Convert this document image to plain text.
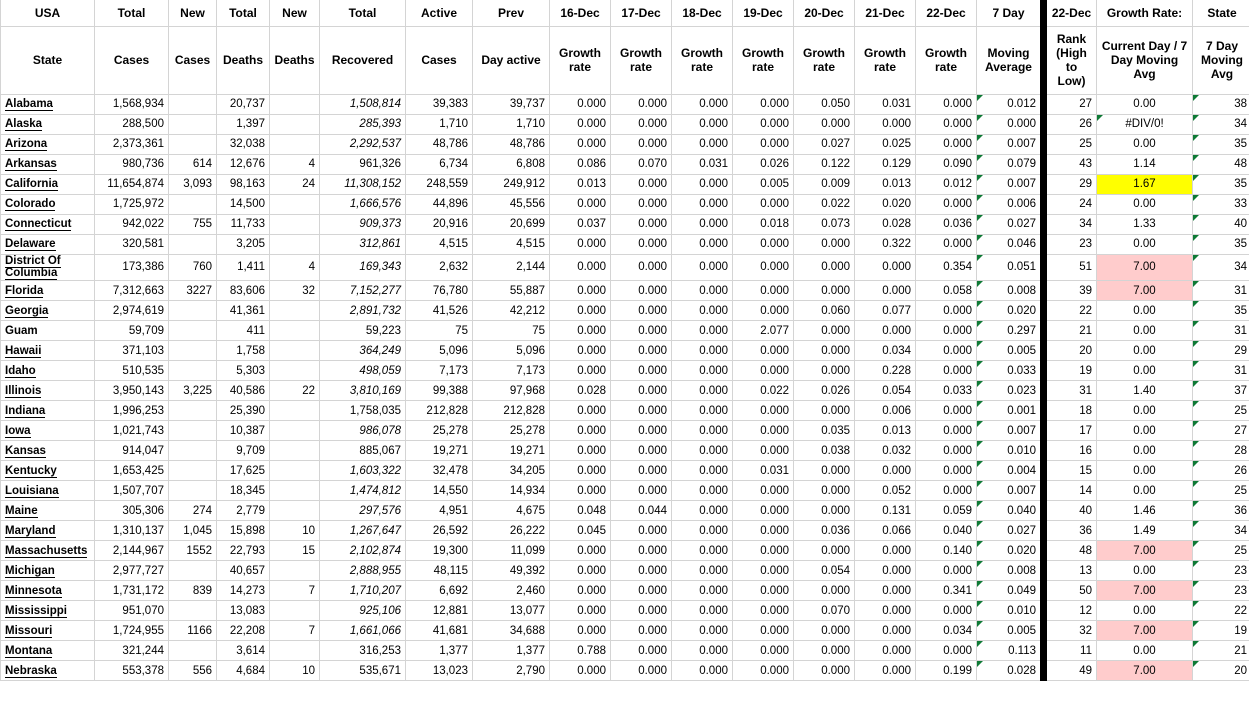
USA	Total	New	Total	New	Total	Active	Prev	16-Dec	17-Dec	18-Dec	19-Dec	20-Dec	21-Dec	22-Dec	7 Day	22-Dec	Growth Rate:	State
State	Cases	Cases	Deaths	Deaths	Recovered	Cases	Day active	Growth rate	Growth rate	Growth rate	Growth rate	Growth rate	Growth rate	Growth rate	Moving Average	Rank (High to Low)	Current Day / 7 Day Moving Avg	7 Day Moving Avg
Alabama	1,568,934		20,737		1,508,814	39,383	39,737	0.000	0.000	0.000	0.000	0.050	0.031	0.000	0.012	27	0.00	38
Alaska	288,500		1,397		285,393	1,710	1,710	0.000	0.000	0.000	0.000	0.000	0.000	0.000	0.000	26	#DIV/0!	34
Arizona	2,373,361		32,038		2,292,537	48,786	48,786	0.000	0.000	0.000	0.000	0.027	0.025	0.000	0.007	25	0.00	35
Arkansas	980,736	614	12,676	4	961,326	6,734	6,808	0.086	0.070	0.031	0.026	0.122	0.129	0.090	0.079	43	1.14	48
California	11,654,874	3,093	98,163	24	11,308,152	248,559	249,912	0.013	0.000	0.000	0.005	0.009	0.013	0.012	0.007	29	1.67	35
Colorado	1,725,972		14,500		1,666,576	44,896	45,556	0.000	0.000	0.000	0.000	0.022	0.020	0.000	0.006	24	0.00	33
Connecticut	942,022	755	11,733		909,373	20,916	20,699	0.037	0.000	0.000	0.018	0.073	0.028	0.036	0.027	34	1.33	40
Delaware	320,581		3,205		312,861	4,515	4,515	0.000	0.000	0.000	0.000	0.000	0.322	0.000	0.046	23	0.00	35
District Of Columbia	173,386	760	1,411	4	169,343	2,632	2,144	0.000	0.000	0.000	0.000	0.000	0.000	0.354	0.051	51	7.00	34
Florida	7,312,663	3227	83,606	32	7,152,277	76,780	55,887	0.000	0.000	0.000	0.000	0.000	0.000	0.058	0.008	39	7.00	31
Georgia	2,974,619		41,361		2,891,732	41,526	42,212	0.000	0.000	0.000	0.000	0.060	0.077	0.000	0.020	22	0.00	35
Guam	59,709		411		59,223	75	75	0.000	0.000	0.000	2.077	0.000	0.000	0.000	0.297	21	0.00	31
Hawaii	371,103		1,758		364,249	5,096	5,096	0.000	0.000	0.000	0.000	0.000	0.034	0.000	0.005	20	0.00	29
Idaho	510,535		5,303		498,059	7,173	7,173	0.000	0.000	0.000	0.000	0.000	0.228	0.000	0.033	19	0.00	31
Illinois	3,950,143	3,225	40,586	22	3,810,169	99,388	97,968	0.028	0.000	0.000	0.022	0.026	0.054	0.033	0.023	31	1.40	37
Indiana	1,996,253		25,390		1,758,035	212,828	212,828	0.000	0.000	0.000	0.000	0.000	0.006	0.000	0.001	18	0.00	25
Iowa	1,021,743		10,387		986,078	25,278	25,278	0.000	0.000	0.000	0.000	0.035	0.013	0.000	0.007	17	0.00	27
Kansas	914,047		9,709		885,067	19,271	19,271	0.000	0.000	0.000	0.000	0.038	0.032	0.000	0.010	16	0.00	28
Kentucky	1,653,425		17,625		1,603,322	32,478	34,205	0.000	0.000	0.000	0.031	0.000	0.000	0.000	0.004	15	0.00	26
Louisiana	1,507,707		18,345		1,474,812	14,550	14,934	0.000	0.000	0.000	0.000	0.000	0.052	0.000	0.007	14	0.00	25
Maine	305,306	274	2,779		297,576	4,951	4,675	0.048	0.044	0.000	0.000	0.000	0.131	0.059	0.040	40	1.46	36
Maryland	1,310,137	1,045	15,898	10	1,267,647	26,592	26,222	0.045	0.000	0.000	0.000	0.036	0.066	0.040	0.027	36	1.49	34
Massachusetts	2,144,967	1552	22,793	15	2,102,874	19,300	11,099	0.000	0.000	0.000	0.000	0.000	0.000	0.140	0.020	48	7.00	25
Michigan	2,977,727		40,657		2,888,955	48,115	49,392	0.000	0.000	0.000	0.000	0.054	0.000	0.000	0.008	13	0.00	23
Minnesota	1,731,172	839	14,273	7	1,710,207	6,692	2,460	0.000	0.000	0.000	0.000	0.000	0.000	0.341	0.049	50	7.00	23
Mississippi	951,070		13,083		925,106	12,881	13,077	0.000	0.000	0.000	0.000	0.070	0.000	0.000	0.010	12	0.00	22
Missouri	1,724,955	1166	22,208	7	1,661,066	41,681	34,688	0.000	0.000	0.000	0.000	0.000	0.000	0.034	0.005	32	7.00	19
Montana	321,244		3,614		316,253	1,377	1,377	0.788	0.000	0.000	0.000	0.000	0.000	0.000	0.113	11	0.00	21
Nebraska	553,378	556	4,684	10	535,671	13,023	2,790	0.000	0.000	0.000	0.000	0.000	0.000	0.199	0.028	49	7.00	20
